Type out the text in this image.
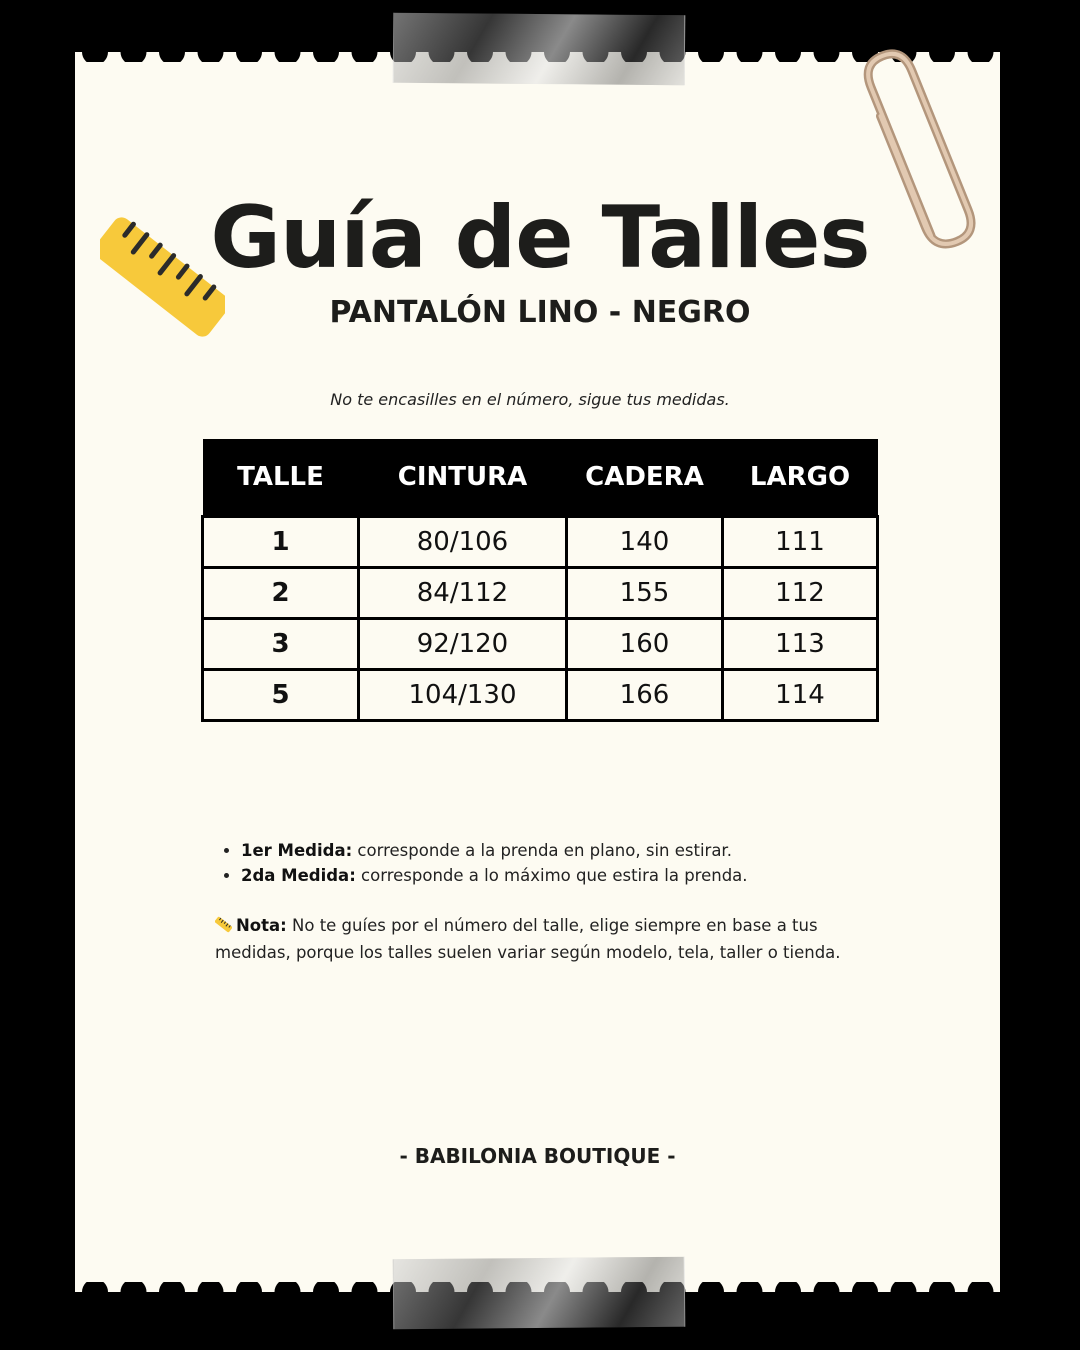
Guía de Talles
PANTALÓN LINO - NEGRO

No te encasilles en el número, sigue tus medidas.

TALLE	CINTURA	CADERA	LARGO
1	80/106	140	111
2	84/112	155	112
3	92/120	160	113
5	104/130	166	114
• 1er Medida: corresponde a la prenda en plano, sin estirar.
• 2da Medida: corresponde a lo máximo que estira la prenda.
Nota: No te guíes por el número del talle, elige siempre en base a tus medidas, porque los talles suelen variar según modelo, tela, taller o tienda.

- BABILONIA BOUTIQUE -
